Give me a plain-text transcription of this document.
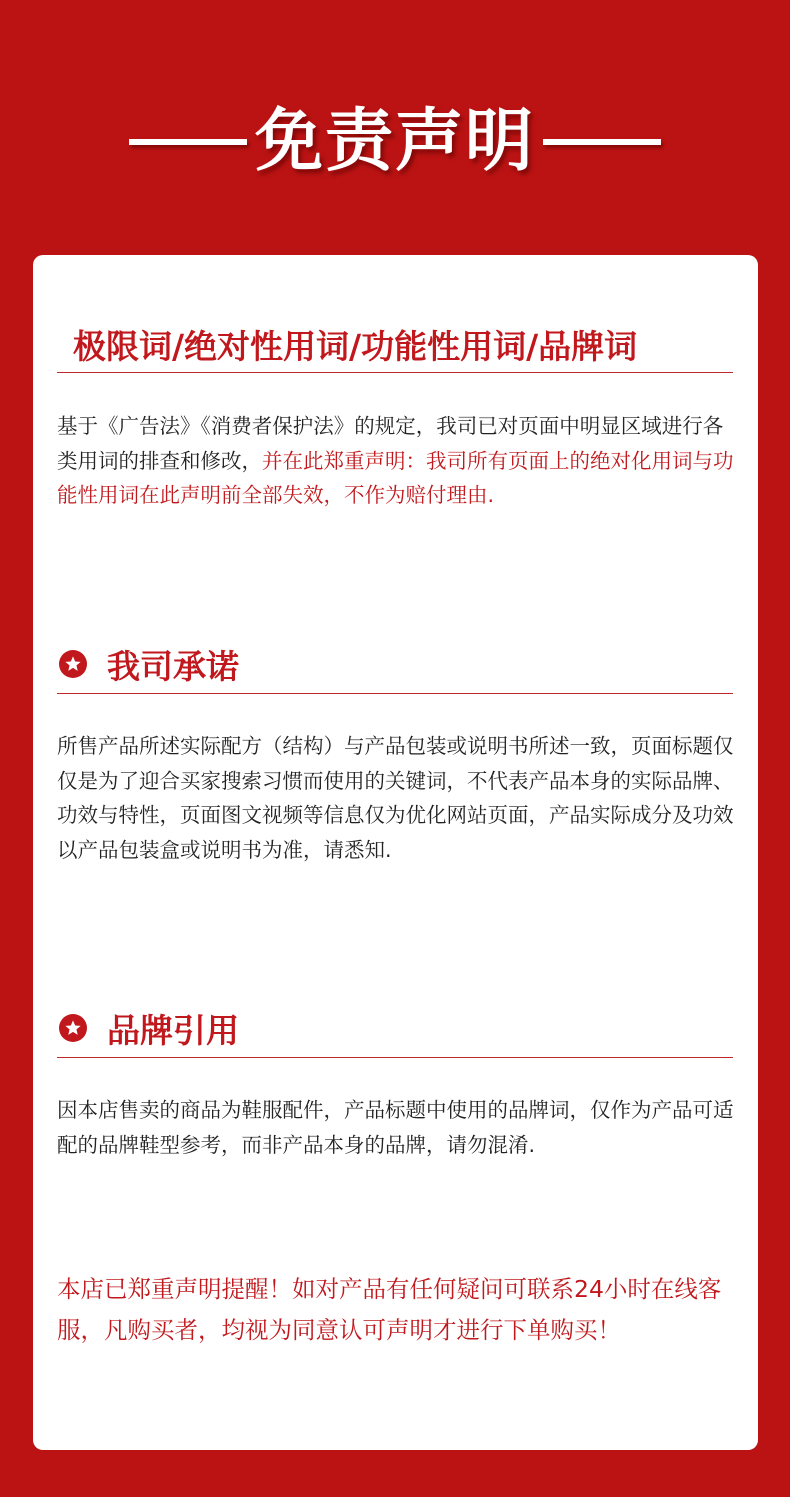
免责声明
极限词/绝对性用词/功能性用词/品牌词

基于《广告法》《消费者保护法》的规定，我司已对页面中明显区域进行各类用词的排查和修改，并在此郑重声明：我司所有页面上的绝对化用词与功能性用词在此声明前全部失效，不作为赔付理由.

我司承诺

所售产品所述实际配方（结构）与产品包装或说明书所述一致，页面标题仅仅是为了迎合买家搜索习惯而使用的关键词，不代表产品本身的实际品牌、功效与特性，页面图文视频等信息仅为优化网站页面，产品实际成分及功效以产品包装盒或说明书为准，请悉知.

品牌引用

因本店售卖的商品为鞋服配件，产品标题中使用的品牌词，仅作为产品可适配的品牌鞋型参考，而非产品本身的品牌，请勿混淆.

本店已郑重声明提醒！如对产品有任何疑问可联系24小时在线客服，凡购买者，均视为同意认可声明才进行下单购买！
